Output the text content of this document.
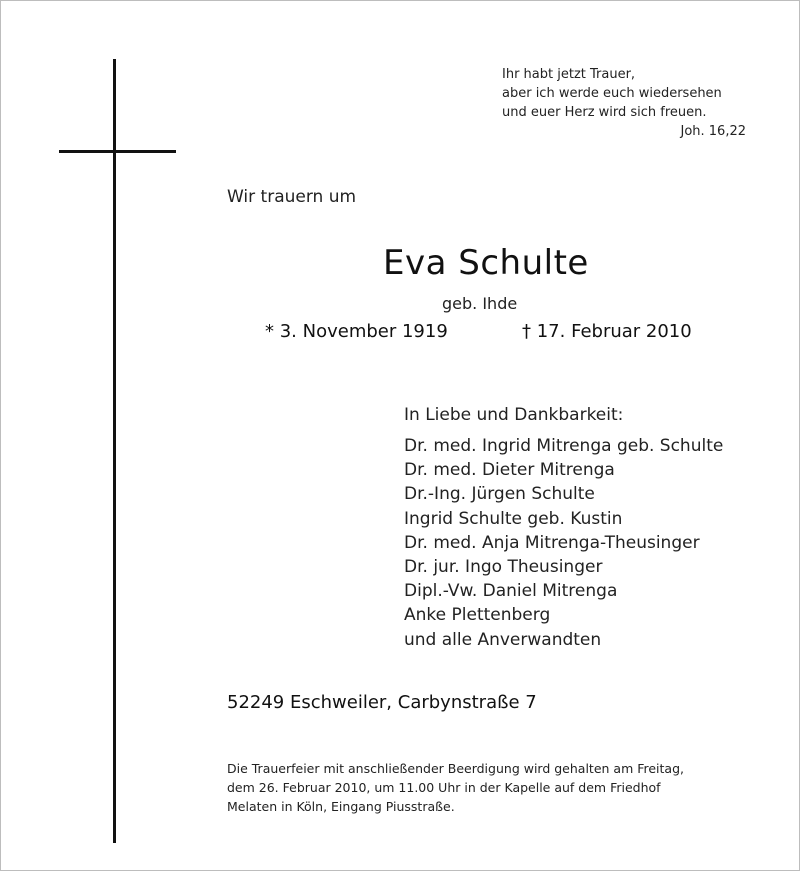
Ihr habt jetzt Trauer,
aber ich werde euch wiedersehen
und euer Herz wird sich freuen.
Joh. 16,22
Wir trauern um
Eva Schulte
geb. Ihde
* 3. November 1919	† 17. Februar 2010
In Liebe und Dankbarkeit:
Dr. med. Ingrid Mitrenga geb. Schulte
Dr. med. Dieter Mitrenga
Dr.-Ing. Jürgen Schulte
Ingrid Schulte geb. Kustin
Dr. med. Anja Mitrenga-Theusinger
Dr. jur. Ingo Theusinger
Dipl.-Vw. Daniel Mitrenga
Anke Plettenberg
und alle Anverwandten
52249 Eschweiler, Carbynstraße 7
Die Trauerfeier mit anschließender Beerdigung wird gehalten am Freitag,
dem 26. Februar 2010, um 11.00 Uhr in der Kapelle auf dem Friedhof
Melaten in Köln, Eingang Piusstraße.
